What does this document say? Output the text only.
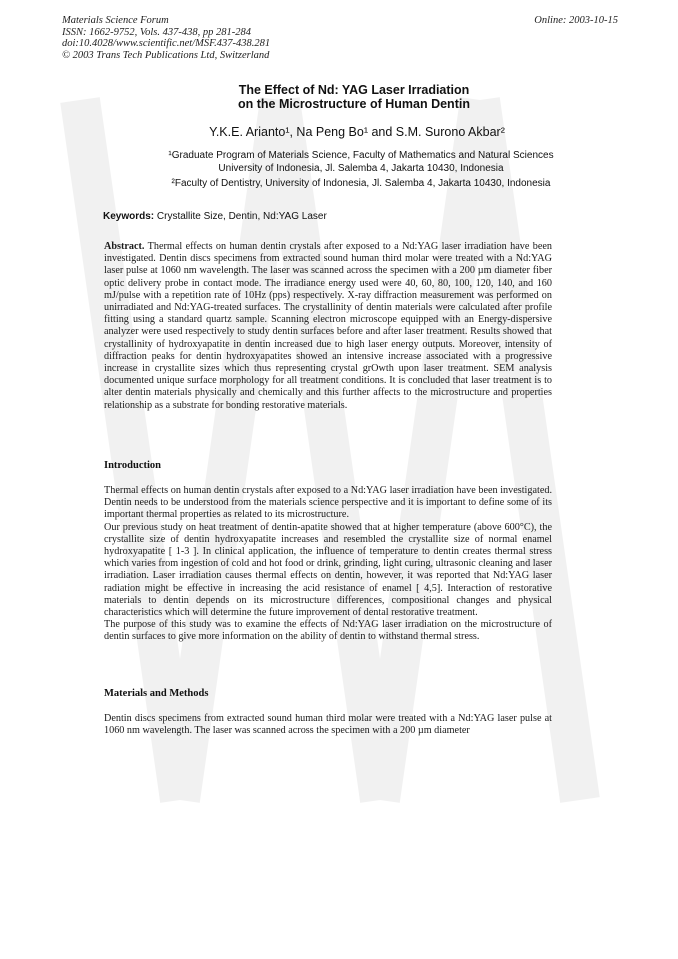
Materials Science Forum
ISSN: 1662-9752, Vols. 437-438, pp 281-284
doi:10.4028/www.scientific.net/MSF.437-438.281
© 2003 Trans Tech Publications Ltd, Switzerland
Online: 2003-10-15
The Effect of Nd: YAG Laser Irradiation
on the Microstructure of Human Dentin
Y.K.E. Arianto¹, Na Peng Bo¹ and S.M. Surono Akbar²
¹Graduate Program of Materials Science, Faculty of Mathematics and Natural Sciences
University of Indonesia, Jl. Salemba 4, Jakarta 10430, Indonesia
²Faculty of Dentistry, University of Indonesia, Jl. Salemba 4, Jakarta 10430, Indonesia
Keywords: Crystallite Size, Dentin, Nd:YAG Laser

Abstract. Thermal effects on human dentin crystals after exposed to a Nd:YAG laser irradiation have been investigated. Dentin discs specimens from extracted sound human third molar were treated with a Nd:YAG laser pulse at 1060 nm wavelength. The laser was scanned across the specimen with a 200 µm diameter fiber optic delivery probe in contact mode. The irradiance energy used were 40, 60, 80, 100, 120, 140, and 160 mJ/pulse with a repetition rate of 10Hz (pps) respectively. X-ray diffraction measurement was performed on unirradiated and Nd:YAG-treated surfaces. The crystallinity of dentin materials were calculated after profile fitting using a standard quartz sample. Scanning electron microscope equipped with an Energy-dispersive analyzer were used respectively to study dentin surfaces before and after laser treatment. Results showed that crystallinity of hydroxyapatite in dentin increased due to high laser energy outputs. Moreover, intensity of diffraction peaks for dentin hydroxyapatites showed an intensive increase associated with a progressive increase in crystallite sizes which thus representing crystal grOwth upon laser treatment. SEM analysis documented unique surface morphology for all treatment conditions. It is concluded that laser treatment is to alter dentin materials physically and chemically and this further affects to the microstructure and properties relationship as a substrate for bonding restorative materials.

Introduction

Thermal effects on human dentin crystals after exposed to a Nd:YAG laser irradiation have been investigated. Dentin needs to be understood from the materials science perspective and it is important to define some of its important thermal properties as related to its microstructure.

Our previous study on heat treatment of dentin-apatite showed that at higher temperature (above 600°C), the crystallite size of dentin hydroxyapatite increases and resembled the crystallite size of normal enamel hydroxyapatite [ 1-3 ]. In clinical application, the influence of temperature to dentin creates thermal stress which varies from ingestion of cold and hot food or drink, grinding, light curing, ultrasonic cleaning and laser irradiation. Laser irradiation causes thermal effects on dentin, however, it was reported that Nd:YAG laser radiation might be effective in increasing the acid resistance of enamel [ 4,5]. Interaction of restorative materials to dentin depends on its microstructure differences, compositional changes and physical characteristics which will determine the future improvement of dental restorative treatment.

The purpose of this study was to examine the effects of Nd:YAG laser irradiation on the microstructure of dentin surfaces to give more information on the ability of dentin to withstand thermal stress.

Materials and Methods

Dentin discs specimens from extracted sound human third molar were treated with a Nd:YAG laser pulse at 1060 nm wavelength. The laser was scanned across the specimen with a 200 µm diameter
